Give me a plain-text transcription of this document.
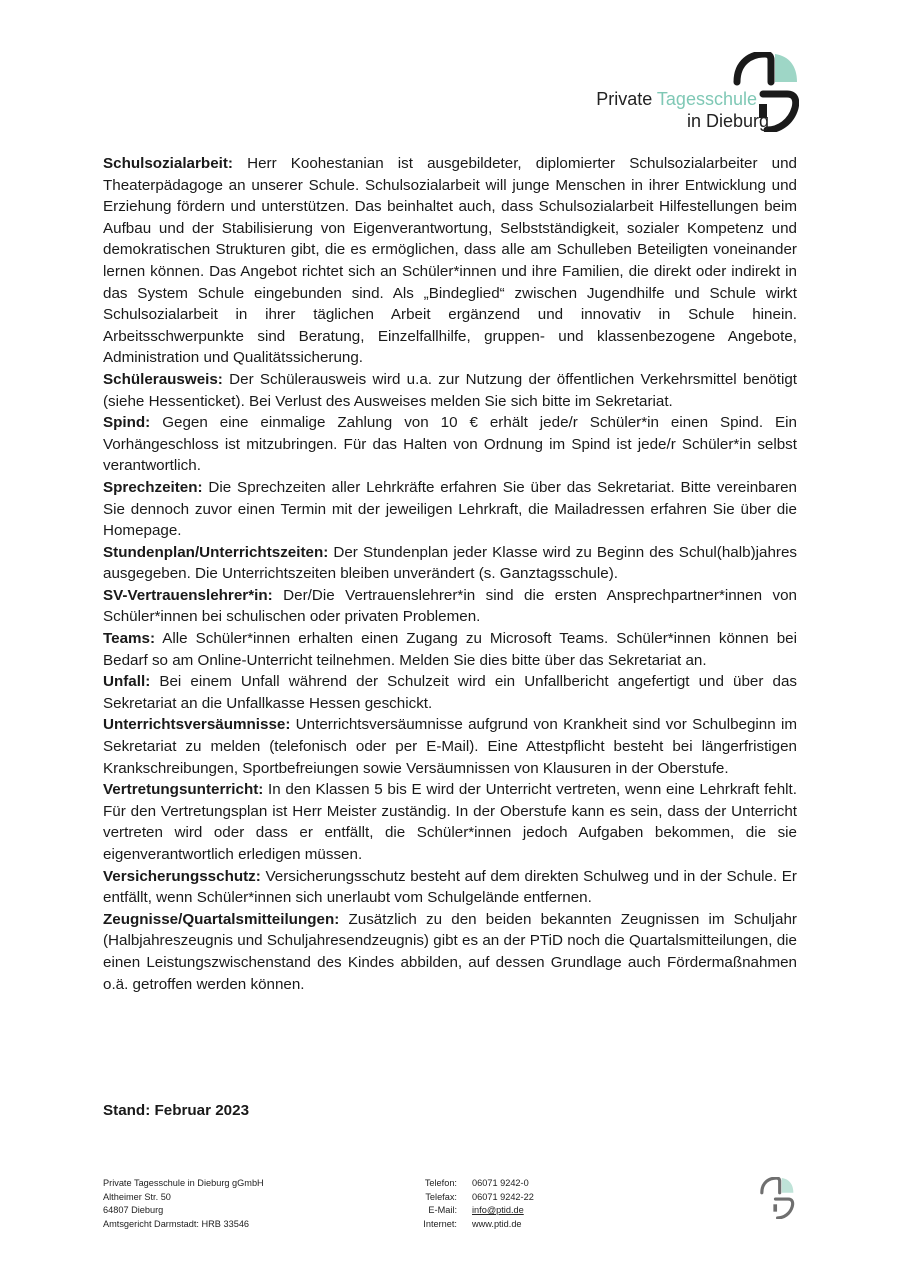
Private Tagesschule
in Dieburg

Schulsozialarbeit: Herr Koohestanian ist ausgebildeter, diplomierter Schulsozialarbeiter und Theaterpädagoge an unserer Schule. Schulsozialarbeit will junge Menschen in ihrer Entwicklung und Erziehung fördern und unterstützen. Das beinhaltet auch, dass Schulsozialarbeit Hilfestellungen beim Aufbau und der Stabilisierung von Eigenverantwortung, Selbstständigkeit, sozialer Kompetenz und demokratischen Strukturen gibt, die es ermöglichen, dass alle am Schulleben Beteiligten voneinander lernen können. Das Angebot richtet sich an Schüler*innen und ihre Familien, die direkt oder indirekt in das System Schule eingebunden sind. Als „Bindeglied“ zwischen Jugendhilfe und Schule wirkt Schulsozialarbeit in ihrer täglichen Arbeit ergänzend und innovativ in Schule hinein. Arbeitsschwerpunkte sind Beratung, Einzelfallhilfe, gruppen- und klassenbezogene Angebote, Administration und Qualitätssicherung.

Schülerausweis: Der Schülerausweis wird u.a. zur Nutzung der öffentlichen Verkehrsmittel benötigt (siehe Hessenticket). Bei Verlust des Ausweises melden Sie sich bitte im Sekretariat.

Spind: Gegen eine einmalige Zahlung von 10 € erhält jede/r Schüler*in einen Spind. Ein Vorhängeschloss ist mitzubringen. Für das Halten von Ordnung im Spind ist jede/r Schüler*in selbst verantwortlich.

Sprechzeiten: Die Sprechzeiten aller Lehrkräfte erfahren Sie über das Sekretariat. Bitte vereinbaren Sie dennoch zuvor einen Termin mit der jeweiligen Lehrkraft, die Mailadressen erfahren Sie über die Homepage.

Stundenplan/Unterrichtszeiten: Der Stundenplan jeder Klasse wird zu Beginn des Schul(halb)jahres ausgegeben. Die Unterrichtszeiten bleiben unverändert (s. Ganztagsschule).

SV-Vertrauenslehrer*in: Der/Die Vertrauenslehrer*in sind die ersten Ansprechpartner*innen von Schüler*innen bei schulischen oder privaten Problemen.

Teams: Alle Schüler*innen erhalten einen Zugang zu Microsoft Teams. Schüler*innen können bei Bedarf so am Online-Unterricht teilnehmen. Melden Sie dies bitte über das Sekretariat an.

Unfall: Bei einem Unfall während der Schulzeit wird ein Unfallbericht angefertigt und über das Sekretariat an die Unfallkasse Hessen geschickt.

Unterrichtsversäumnisse: Unterrichtsversäumnisse aufgrund von Krankheit sind vor Schulbeginn im Sekretariat zu melden (telefonisch oder per E-Mail). Eine Attestpflicht besteht bei längerfristigen Krankschreibungen, Sportbefreiungen sowie Versäumnissen von Klausuren in der Oberstufe.

Vertretungsunterricht: In den Klassen 5 bis E wird der Unterricht vertreten, wenn eine Lehrkraft fehlt. Für den Vertretungsplan ist Herr Meister zuständig. In der Oberstufe kann es sein, dass der Unterricht vertreten wird oder dass er entfällt, die Schüler*innen jedoch Aufgaben bekommen, die sie eigenverantwortlich erledigen müssen.

Versicherungsschutz: Versicherungsschutz besteht auf dem direkten Schulweg und in der Schule. Er entfällt, wenn Schüler*innen sich unerlaubt vom Schulgelände entfernen.

Zeugnisse/Quartalsmitteilungen: Zusätzlich zu den beiden bekannten Zeugnissen im Schuljahr (Halbjahreszeugnis und Schuljahresendzeugnis) gibt es an der PTiD noch die Quartalsmitteilungen, die einen Leistungszwischenstand des Kindes abbilden, auf dessen Grundlage auch Fördermaßnahmen o.ä. getroffen werden können.

Stand: Februar 2023
Private Tagesschule in Dieburg gGmbH
Altheimer Str. 50
64807 Dieburg
Amtsgericht Darmstadt: HRB 33546
Telefon:
Telefax:
E-Mail:
Internet:
06071 9242-0
06071 9242-22
info@ptid.de
www.ptid.de
